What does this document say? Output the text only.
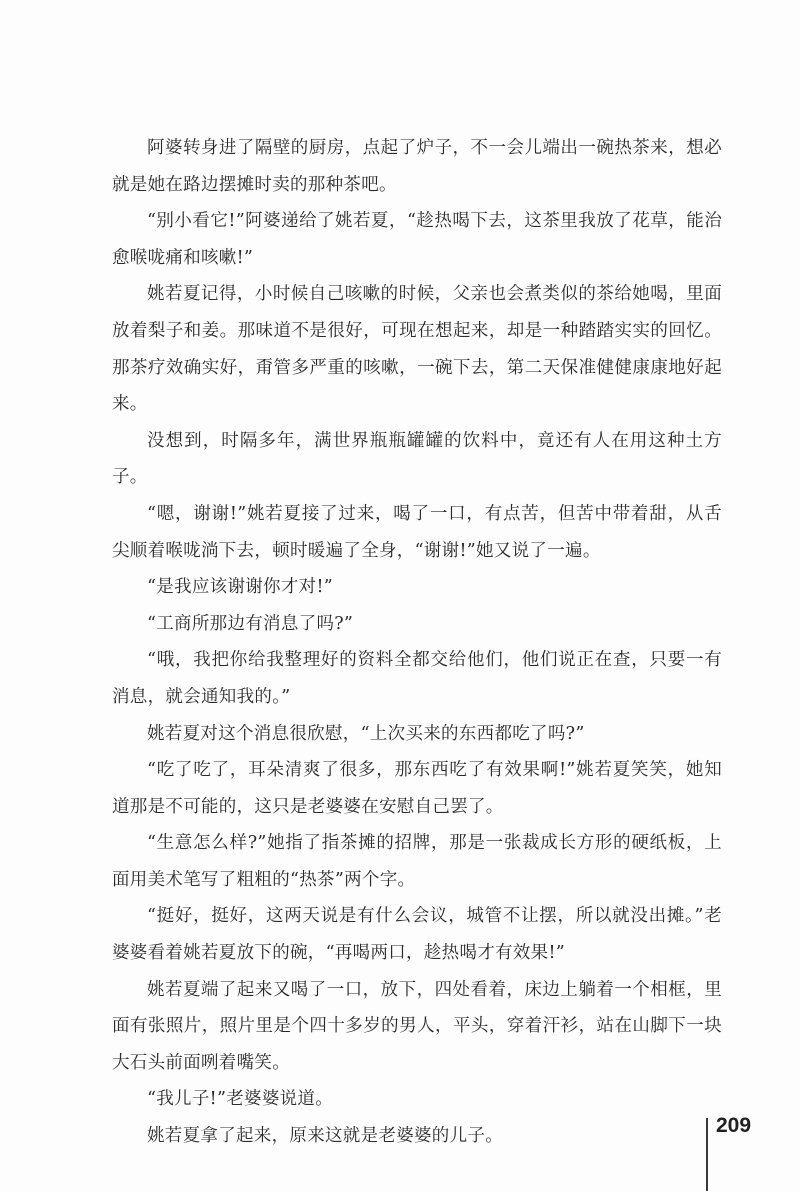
阿婆转身进了隔壁的厨房，点起了炉子，不一会儿端出一碗热茶来，想必就是她在路边摆摊时卖的那种茶吧。

“别小看它!”阿婆递给了姚若夏，“趁热喝下去，这茶里我放了花草，能治愈喉咙痛和咳嗽!”

姚若夏记得，小时候自己咳嗽的时候，父亲也会煮类似的茶给她喝，里面放着梨子和姜。那味道不是很好，可现在想起来，却是一种踏踏实实的回忆。那茶疗效确实好，甭管多严重的咳嗽，一碗下去，第二天保准健健康康地好起来。

没想到，时隔多年，满世界瓶瓶罐罐的饮料中，竟还有人在用这种土方子。

“嗯，谢谢!”姚若夏接了过来，喝了一口，有点苦，但苦中带着甜，从舌尖顺着喉咙淌下去，顿时暖遍了全身，“谢谢!”她又说了一遍。

“是我应该谢谢你才对!”

“工商所那边有消息了吗?”

“哦，我把你给我整理好的资料全都交给他们，他们说正在查，只要一有消息，就会通知我的。”

姚若夏对这个消息很欣慰，“上次买来的东西都吃了吗?”

“吃了吃了，耳朵清爽了很多，那东西吃了有效果啊!”姚若夏笑笑，她知道那是不可能的，这只是老婆婆在安慰自己罢了。

“生意怎么样?”她指了指茶摊的招牌，那是一张裁成长方形的硬纸板，上面用美术笔写了粗粗的“热茶”两个字。

“挺好，挺好，这两天说是有什么会议，城管不让摆，所以就没出摊。”老婆婆看着姚若夏放下的碗，“再喝两口，趁热喝才有效果!”

姚若夏端了起来又喝了一口，放下，四处看着，床边上躺着一个相框，里面有张照片，照片里是个四十多岁的男人，平头，穿着汗衫，站在山脚下一块大石头前面咧着嘴笑。

“我儿子!”老婆婆说道。

姚若夏拿了起来，原来这就是老婆婆的儿子。	209
